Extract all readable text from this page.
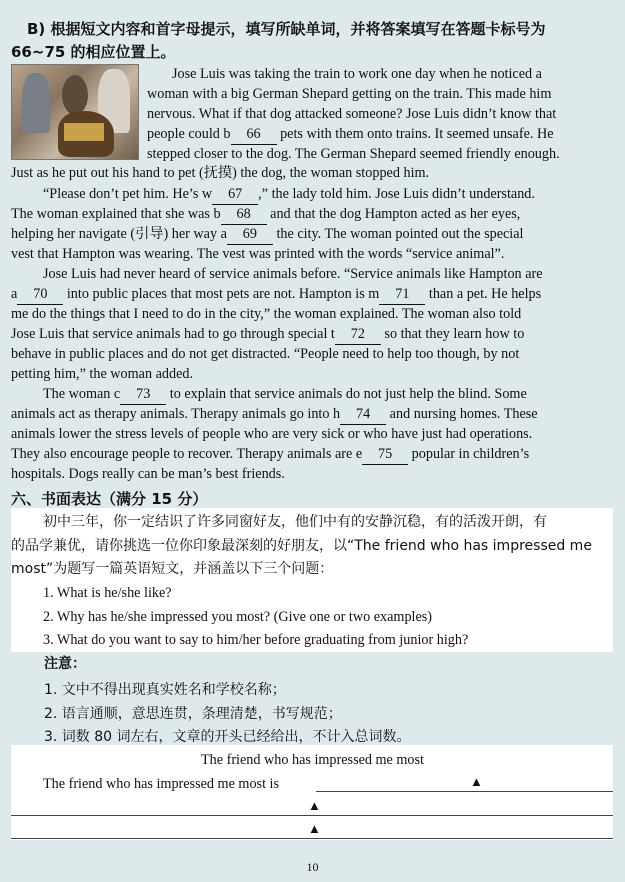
B) 根据短文内容和首字母提示，填写所缺单词，并将答案填写在答题卡标号为
66~75 的相应位置上。
Jose Luis was taking the train to work one day when he noticed a
woman with a big German Shepard getting on the train. This made him
nervous. What if that dog attacked someone? Jose Luis didn’t know that
people could b 66 pets with them onto trains. It seemed unsafe. He
stepped closer to the dog. The German Shepard seemed friendly enough.
Just as he put out his hand to pet (抚摸) the dog, the woman stopped him.
“Please don’t pet him. He’s w 67 ,” the lady told him. Jose Luis didn’t understand.
The woman explained that she was b 68 and that the dog Hampton acted as her eyes,
helping her navigate (引导) her way a 69 the city. The woman pointed out the special
vest that Hampton was wearing. The vest was printed with the words “service animal”.
Jose Luis had never heard of service animals before. “Service animals like Hampton are
a 70 into public places that most pets are not. Hampton is m 71 than a pet. He helps
me do the things that I need to do in the city,” the woman explained. The woman also told
Jose Luis that service animals had to go through special t 72 so that they learn how to
behave in public places and do not get distracted. “People need to help too though, by not
petting him,” the woman added.
The woman c 73 to explain that service animals do not just help the blind. Some
animals act as therapy animals. Therapy animals go into h 74 and nursing homes. These
animals lower the stress levels of people who are very sick or who have just had operations.
They also encourage people to recover. Therapy animals are e 75 popular in children’s
hospitals. Dogs really can be man’s best friends.
六、书面表达（满分 15 分）
初中三年，你一定结识了许多同窗好友，他们中有的安静沉稳，有的活泼开朗，有
的品学兼优，请你挑选一位你印象最深刻的好朋友，以“The friend who has impressed me
most”为题写一篇英语短文，并涵盖以下三个问题：
1. What is he/she like?
2. Why has he/she impressed you most? (Give one or two examples)
3. What do you want to say to him/her before graduating from junior high?
注意：
1. 文中不得出现真实姓名和学校名称；
2. 语言通顺，意思连贯，条理清楚，书写规范；
3. 词数 80 词左右，文章的开头已经给出，不计入总词数。
The friend who has impressed me most
The friend who has impressed me most is	▲
▲
▲
10
